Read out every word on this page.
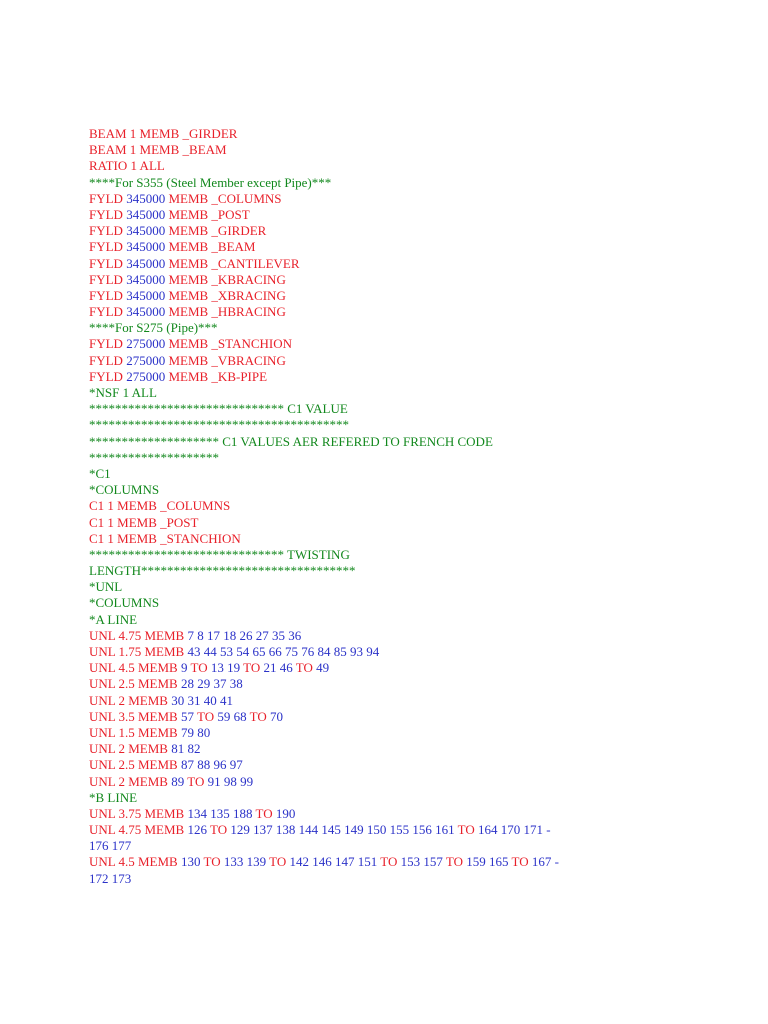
BEAM 1 MEMB _GIRDER
BEAM 1 MEMB _BEAM
RATIO 1 ALL
****For S355 (Steel Member except Pipe)***
FYLD 345000 MEMB _COLUMNS
FYLD 345000 MEMB _POST
FYLD 345000 MEMB _GIRDER
FYLD 345000 MEMB _BEAM
FYLD 345000 MEMB _CANTILEVER
FYLD 345000 MEMB _KBRACING
FYLD 345000 MEMB _XBRACING
FYLD 345000 MEMB _HBRACING
****For S275 (Pipe)***
FYLD 275000 MEMB _STANCHION
FYLD 275000 MEMB _VBRACING
FYLD 275000 MEMB _KB-PIPE
*NSF 1 ALL
****************************** C1 VALUE
****************************************
******************** C1 VALUES AER REFERED TO FRENCH CODE
********************
*C1
*COLUMNS
C1 1 MEMB _COLUMNS
C1 1 MEMB _POST
C1 1 MEMB _STANCHION
****************************** TWISTING
LENGTH*********************************
*UNL
*COLUMNS
*A LINE
UNL 4.75 MEMB 7 8 17 18 26 27 35 36
UNL 1.75 MEMB 43 44 53 54 65 66 75 76 84 85 93 94
UNL 4.5 MEMB 9 TO 13 19 TO 21 46 TO 49
UNL 2.5 MEMB 28 29 37 38
UNL 2 MEMB 30 31 40 41
UNL 3.5 MEMB 57 TO 59 68 TO 70
UNL 1.5 MEMB 79 80
UNL 2 MEMB 81 82
UNL 2.5 MEMB 87 88 96 97
UNL 2 MEMB 89 TO 91 98 99
*B LINE
UNL 3.75 MEMB 134 135 188 TO 190
UNL 4.75 MEMB 126 TO 129 137 138 144 145 149 150 155 156 161 TO 164 170 171 -
176 177
UNL 4.5 MEMB 130 TO 133 139 TO 142 146 147 151 TO 153 157 TO 159 165 TO 167 -
172 173
